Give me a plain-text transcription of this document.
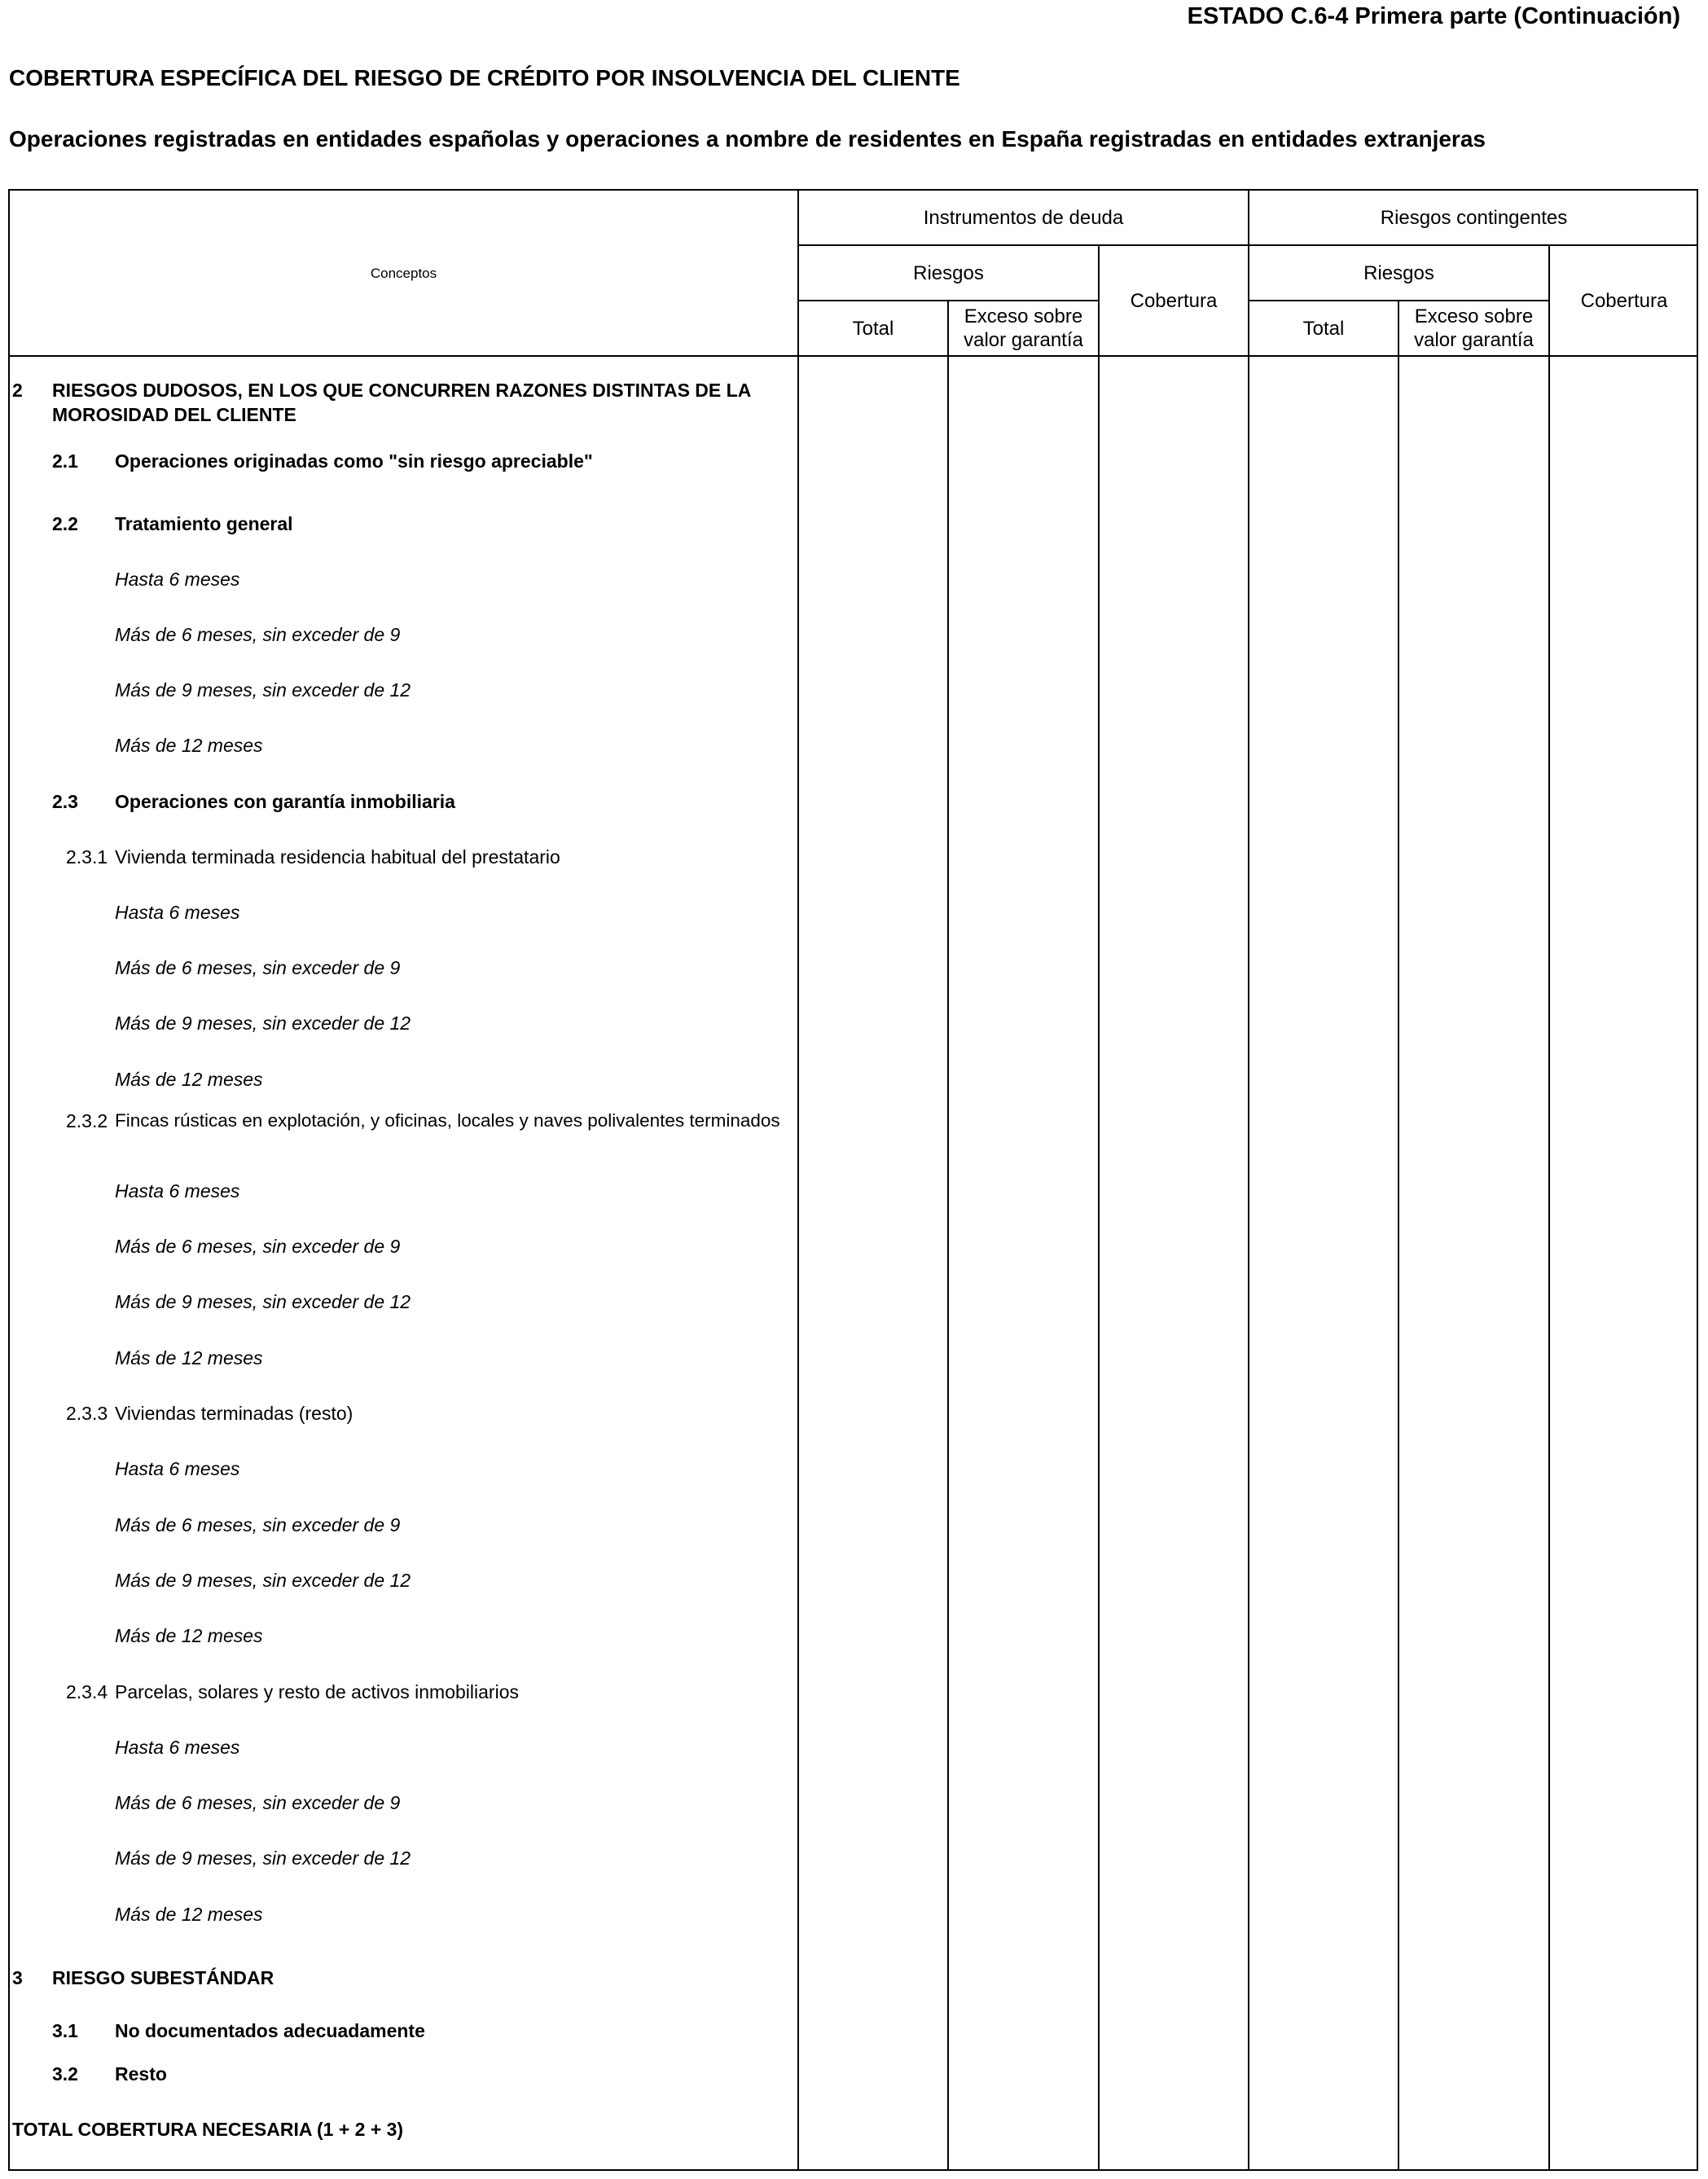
ESTADO C.6-4 Primera parte (Continuación)
COBERTURA ESPECÍFICA DEL RIESGO DE CRÉDITO POR INSOLVENCIA DEL CLIENTE
Operaciones registradas en entidades españolas y operaciones a nombre de residentes en España registradas en entidades extranjeras
Conceptos
Instrumentos de deuda	Riesgos contingentes
Riesgos
Cobertura
Riesgos
Cobertura
Total
Exceso sobre valor garantía
Total
Exceso sobre valor garantía
2 RIESGOS DUDOSOS, EN LOS QUE CONCURREN RAZONES DISTINTAS DE LA MOROSIDAD DEL CLIENTE
2.1 Operaciones originadas como "sin riesgo apreciable"
2.2 Tratamiento general
Hasta 6 meses
Más de 6 meses, sin exceder de 9
Más de 9 meses, sin exceder de 12
Más de 12 meses
2.3 Operaciones con garantía inmobiliaria
2.3.1 Vivienda terminada residencia habitual del prestatario
Hasta 6 meses
Más de 6 meses, sin exceder de 9
Más de 9 meses, sin exceder de 12
Más de 12 meses
2.3.2 Fincas rústicas en explotación, y oficinas, locales y naves polivalentes terminados
Hasta 6 meses
Más de 6 meses, sin exceder de 9
Más de 9 meses, sin exceder de 12
Más de 12 meses
2.3.3 Viviendas terminadas (resto)
Hasta 6 meses
Más de 6 meses, sin exceder de 9
Más de 9 meses, sin exceder de 12
Más de 12 meses
2.3.4 Parcelas, solares y resto de activos inmobiliarios
Hasta 6 meses
Más de 6 meses, sin exceder de 9
Más de 9 meses, sin exceder de 12
Más de 12 meses
3 RIESGO SUBESTÁNDAR
3.1 No documentados adecuadamente
3.2 Resto
TOTAL COBERTURA NECESARIA (1 + 2 + 3)
